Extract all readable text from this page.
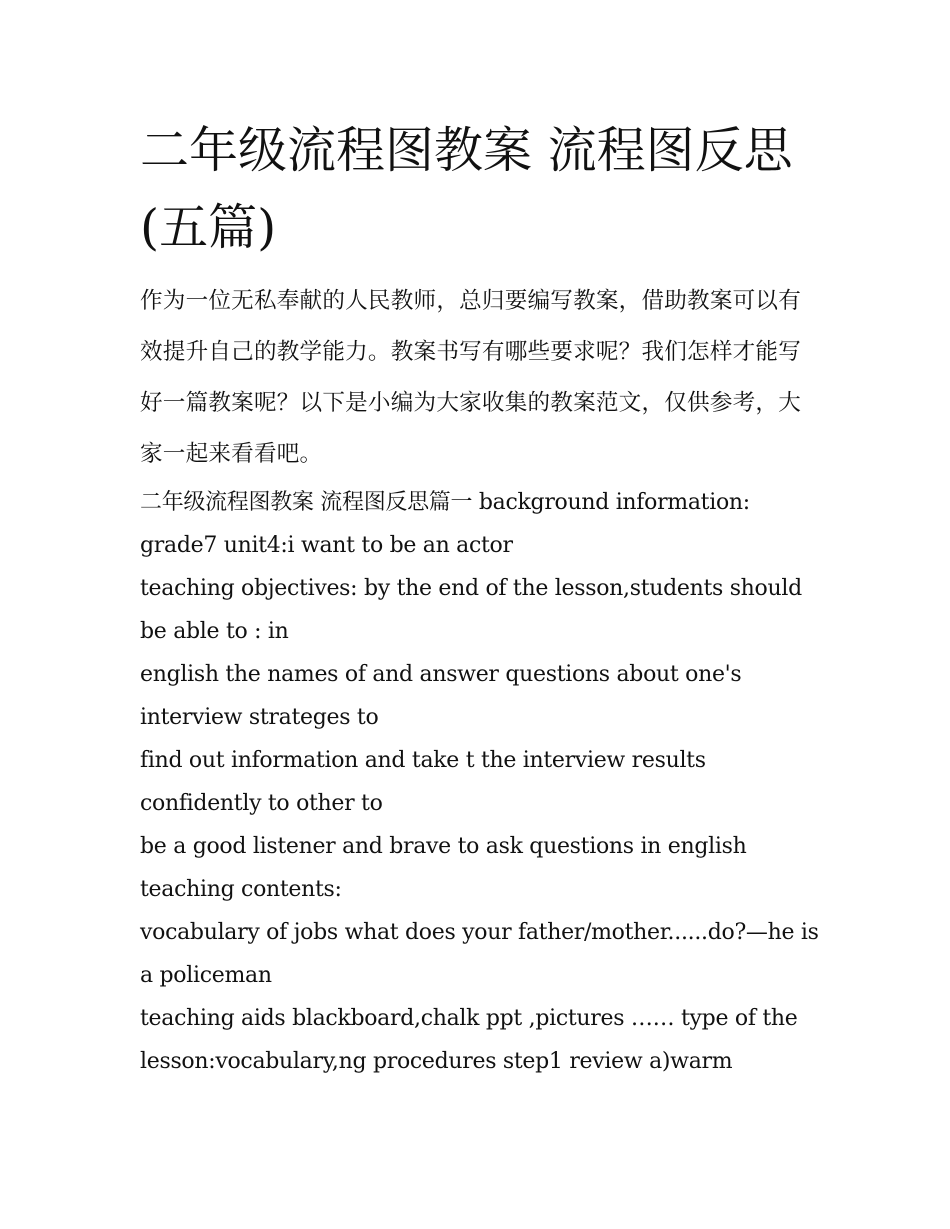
二年级流程图教案 流程图反思(五篇)

作为一位无私奉献的人民教师，总归要编写教案，借助教案可以有效提升自己的教学能力。教案书写有哪些要求呢？我们怎样才能写好一篇教案呢？以下是小编为大家收集的教案范文，仅供参考，大家一起来看看吧。

二年级流程图教案 流程图反思篇一 background information: grade7 unit4:i want to be an actor

teaching objectives: by the end of the lesson,students should be able to : in

english the names of and answer questions about one's interview strateges to

find out information and take t the interview results confidently to other to

be a good listener and brave to ask questions in english teaching contents:

vocabulary of jobs what does your father/mother......do?—he is a policeman

teaching aids blackboard,chalk ppt ,pictures …… type of the lesson:vocabulary,ng procedures step1 review a)warm
